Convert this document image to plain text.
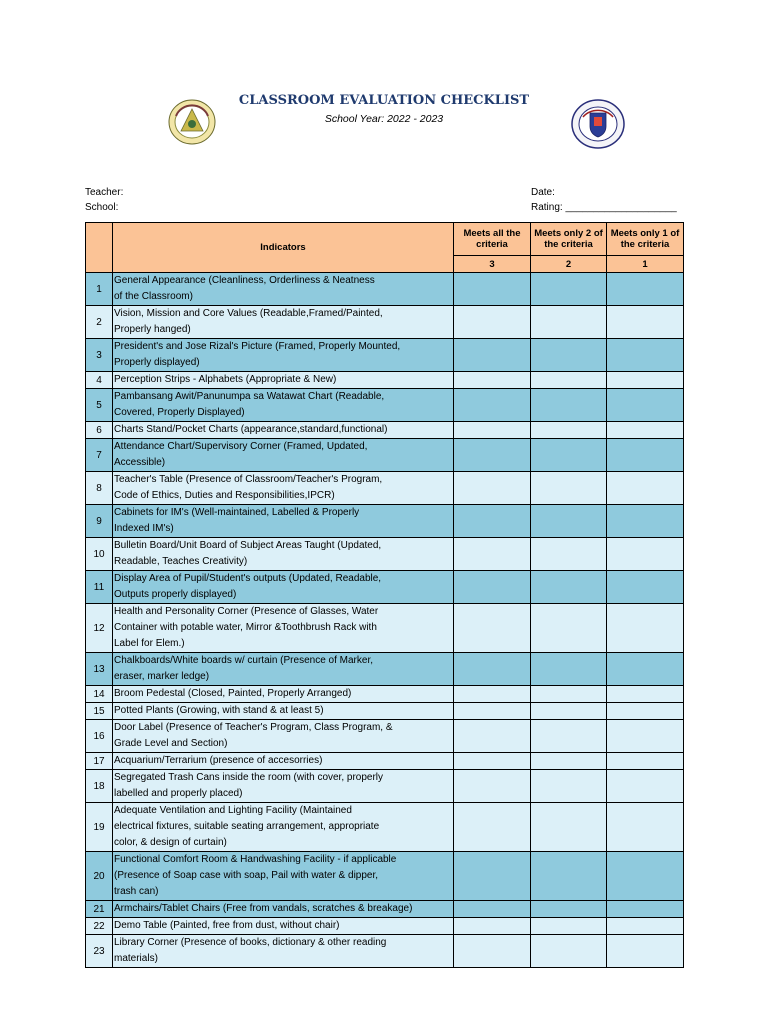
CLASSROOM EVALUATION CHECKLIST
School Year: 2022 - 2023
Teacher:
School:
Date:
Rating: ____________________
	Indicators	Meets all the criteria	Meets only 2 of the criteria	Meets only 1 of the criteria
		3	2	1
1	General Appearance (Cleanliness, Orderliness & Neatness
of the Classroom)			
2	Vision, Mission and Core Values (Readable,Framed/Painted,
Properly hanged)			
3	President's and Jose Rizal's Picture (Framed, Properly Mounted,
Properly displayed)			
4	Perception Strips - Alphabets (Appropriate & New)			
5	Pambansang Awit/Panunumpa sa Watawat Chart (Readable,
Covered, Properly Displayed)			
6	Charts Stand/Pocket Charts (appearance,standard,functional)			
7	Attendance Chart/Supervisory Corner (Framed, Updated,
Accessible)			
8	Teacher's Table (Presence of Classroom/Teacher's Program,
Code of Ethics, Duties and Responsibilities,IPCR)			
9	Cabinets for IM's (Well-maintained, Labelled & Properly
Indexed IM's)			
10	Bulletin Board/Unit Board of Subject Areas Taught (Updated,
Readable, Teaches Creativity)			
11	Display Area of Pupil/Student's outputs (Updated, Readable,
Outputs properly displayed)			
12	Health and Personality Corner (Presence of Glasses, Water
Container with potable water, Mirror &Toothbrush Rack with
Label for Elem.)			
13	Chalkboards/White boards w/ curtain (Presence of Marker,
eraser, marker ledge)			
14	Broom Pedestal (Closed, Painted, Properly Arranged)			
15	Potted Plants (Growing, with stand & at least 5)			
16	Door Label (Presence of Teacher's Program, Class Program, &
Grade Level and Section)			
17	Acquarium/Terrarium (presence of accesorries)			
18	Segregated Trash Cans inside the room (with cover, properly
labelled and properly placed)			
19	Adequate Ventilation and Lighting Facility (Maintained
electrical fixtures, suitable seating arrangement, appropriate
color, & design of curtain)			
20	Functional Comfort Room & Handwashing Facility - if applicable
(Presence of Soap case with soap, Pail with water & dipper,
trash can)			
21	Armchairs/Tablet Chairs (Free from vandals, scratches & breakage)			
22	Demo Table (Painted, free from dust, without chair)			
23	Library Corner (Presence of books, dictionary & other reading
materials)			
